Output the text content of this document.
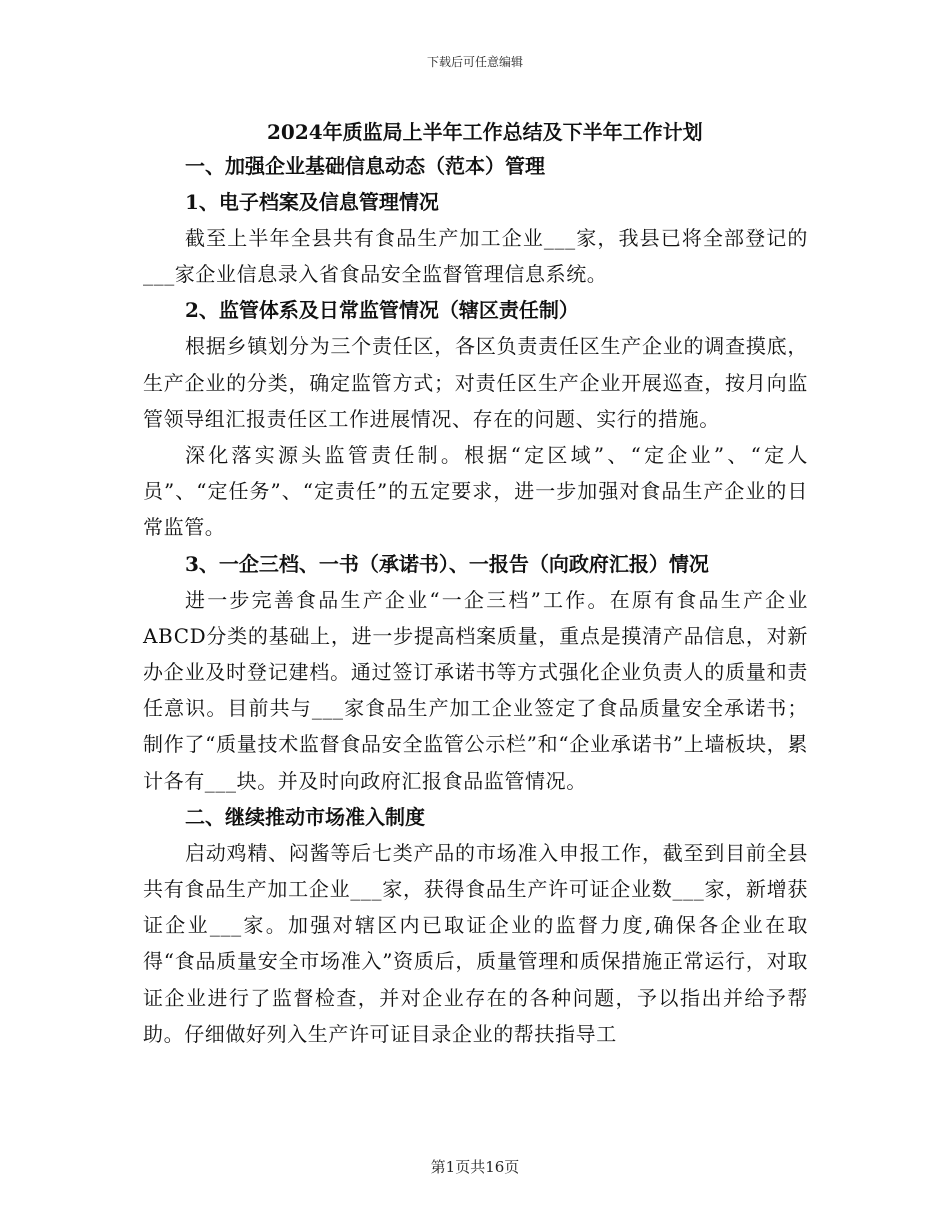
下载后可任意编辑
2024年质监局上半年工作总结及下半年工作计划
一、加强企业基础信息动态（范本）管理
1、电子档案及信息管理情况

截至上半年全县共有食品生产加工企业___家，我县已将全部登记的___家企业信息录入省食品安全监督管理信息系统。

2、监管体系及日常监管情况（辖区责任制）

根据乡镇划分为三个责任区，各区负责责任区生产企业的调查摸底，生产企业的分类，确定监管方式；对责任区生产企业开展巡查，按月向监管领导组汇报责任区工作进展情况、存在的问题、实行的措施。

深化落实源头监管责任制。根据“定区域”、“定企业”、“定人员”、“定任务”、“定责任”的五定要求，进一步加强对食品生产企业的日常监管。

3、一企三档、一书（承诺书）、一报告（向政府汇报）情况

进一步完善食品生产企业“一企三档”工作。在原有食品生产企业ABCD分类的基础上，进一步提高档案质量，重点是摸清产品信息，对新办企业及时登记建档。通过签订承诺书等方式强化企业负责人的质量和责任意识。目前共与___家食品生产加工企业签定了食品质量安全承诺书；制作了“质量技术监督食品安全监管公示栏”和“企业承诺书”上墙板块，累计各有___块。并及时向政府汇报食品监管情况。

二、继续推动市场准入制度

启动鸡精、闷酱等后七类产品的市场准入申报工作，截至到目前全县共有食品生产加工企业___家，获得食品生产许可证企业数___家，新增获证企业___家。加强对辖区内已取证企业的监督力度,确保各企业在取得“食品质量安全市场准入”资质后，质量管理和质保措施正常运行，对取证企业进行了监督检查，并对企业存在的各种问题，予以指出并给予帮助。仔细做好列入生产许可证目录企业的帮扶指导工

第1页共16页
